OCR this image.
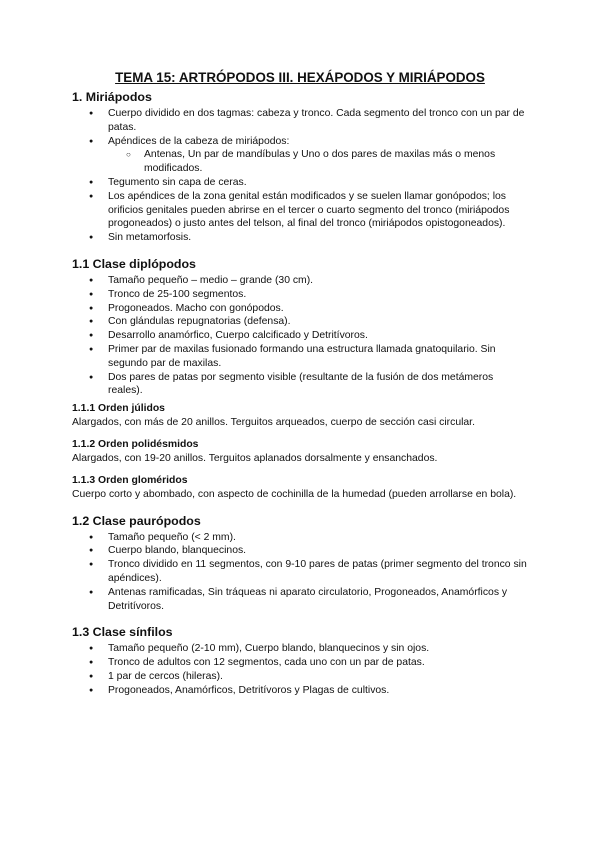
TEMA 15: ARTRÓPODOS III. HEXÁPODOS Y MIRIÁPODOS
1. Miriápodos
● Cuerpo dividido en dos tagmas: cabeza y tronco. Cada segmento del tronco con un par de patas.
● Apéndices de la cabeza de miriápodos:
○ Antenas, Un par de mandíbulas y Uno o dos pares de maxilas más o menos modificados.
● Tegumento sin capa de ceras.
● Los apéndices de la zona genital están modificados y se suelen llamar gonópodos; los orificios genitales pueden abrirse en el tercer o cuarto segmento del tronco (miriápodos progoneados) o justo antes del telson, al final del tronco (miriápodos opistogoneados).
● Sin metamorfosis.
1.1 Clase diplópodos
● Tamaño pequeño – medio – grande (30 cm).
● Tronco de 25-100 segmentos.
● Progoneados. Macho con gonópodos.
● Con glándulas repugnatorias (defensa).
● Desarrollo anamórfico, Cuerpo calcificado y Detritívoros.
● Primer par de maxilas fusionado formando una estructura llamada gnatoquilario. Sin segundo par de maxilas.
● Dos pares de patas por segmento visible (resultante de la fusión de dos metámeros reales).
1.1.1 Orden júlidos

Alargados, con más de 20 anillos. Terguitos arqueados, cuerpo de sección casi circular.

1.1.2 Orden polidésmidos

Alargados, con 19-20 anillos. Terguitos aplanados dorsalmente y ensanchados.

1.1.3 Orden gloméridos

Cuerpo corto y abombado, con aspecto de cochinilla de la humedad (pueden arrollarse en bola).

1.2 Clase paurópodos
● Tamaño pequeño (< 2 mm).
● Cuerpo blando, blanquecinos.
● Tronco dividido en 11 segmentos, con 9-10 pares de patas (primer segmento del tronco sin apéndices).
● Antenas ramificadas, Sin tráqueas ni aparato circulatorio, Progoneados, Anamórficos y Detritívoros.
1.3 Clase sínfilos
● Tamaño pequeño (2-10 mm), Cuerpo blando, blanquecinos y sin ojos.
● Tronco de adultos con 12 segmentos, cada uno con un par de patas.
● 1 par de cercos (hileras).
● Progoneados, Anamórficos, Detritívoros y Plagas de cultivos.
